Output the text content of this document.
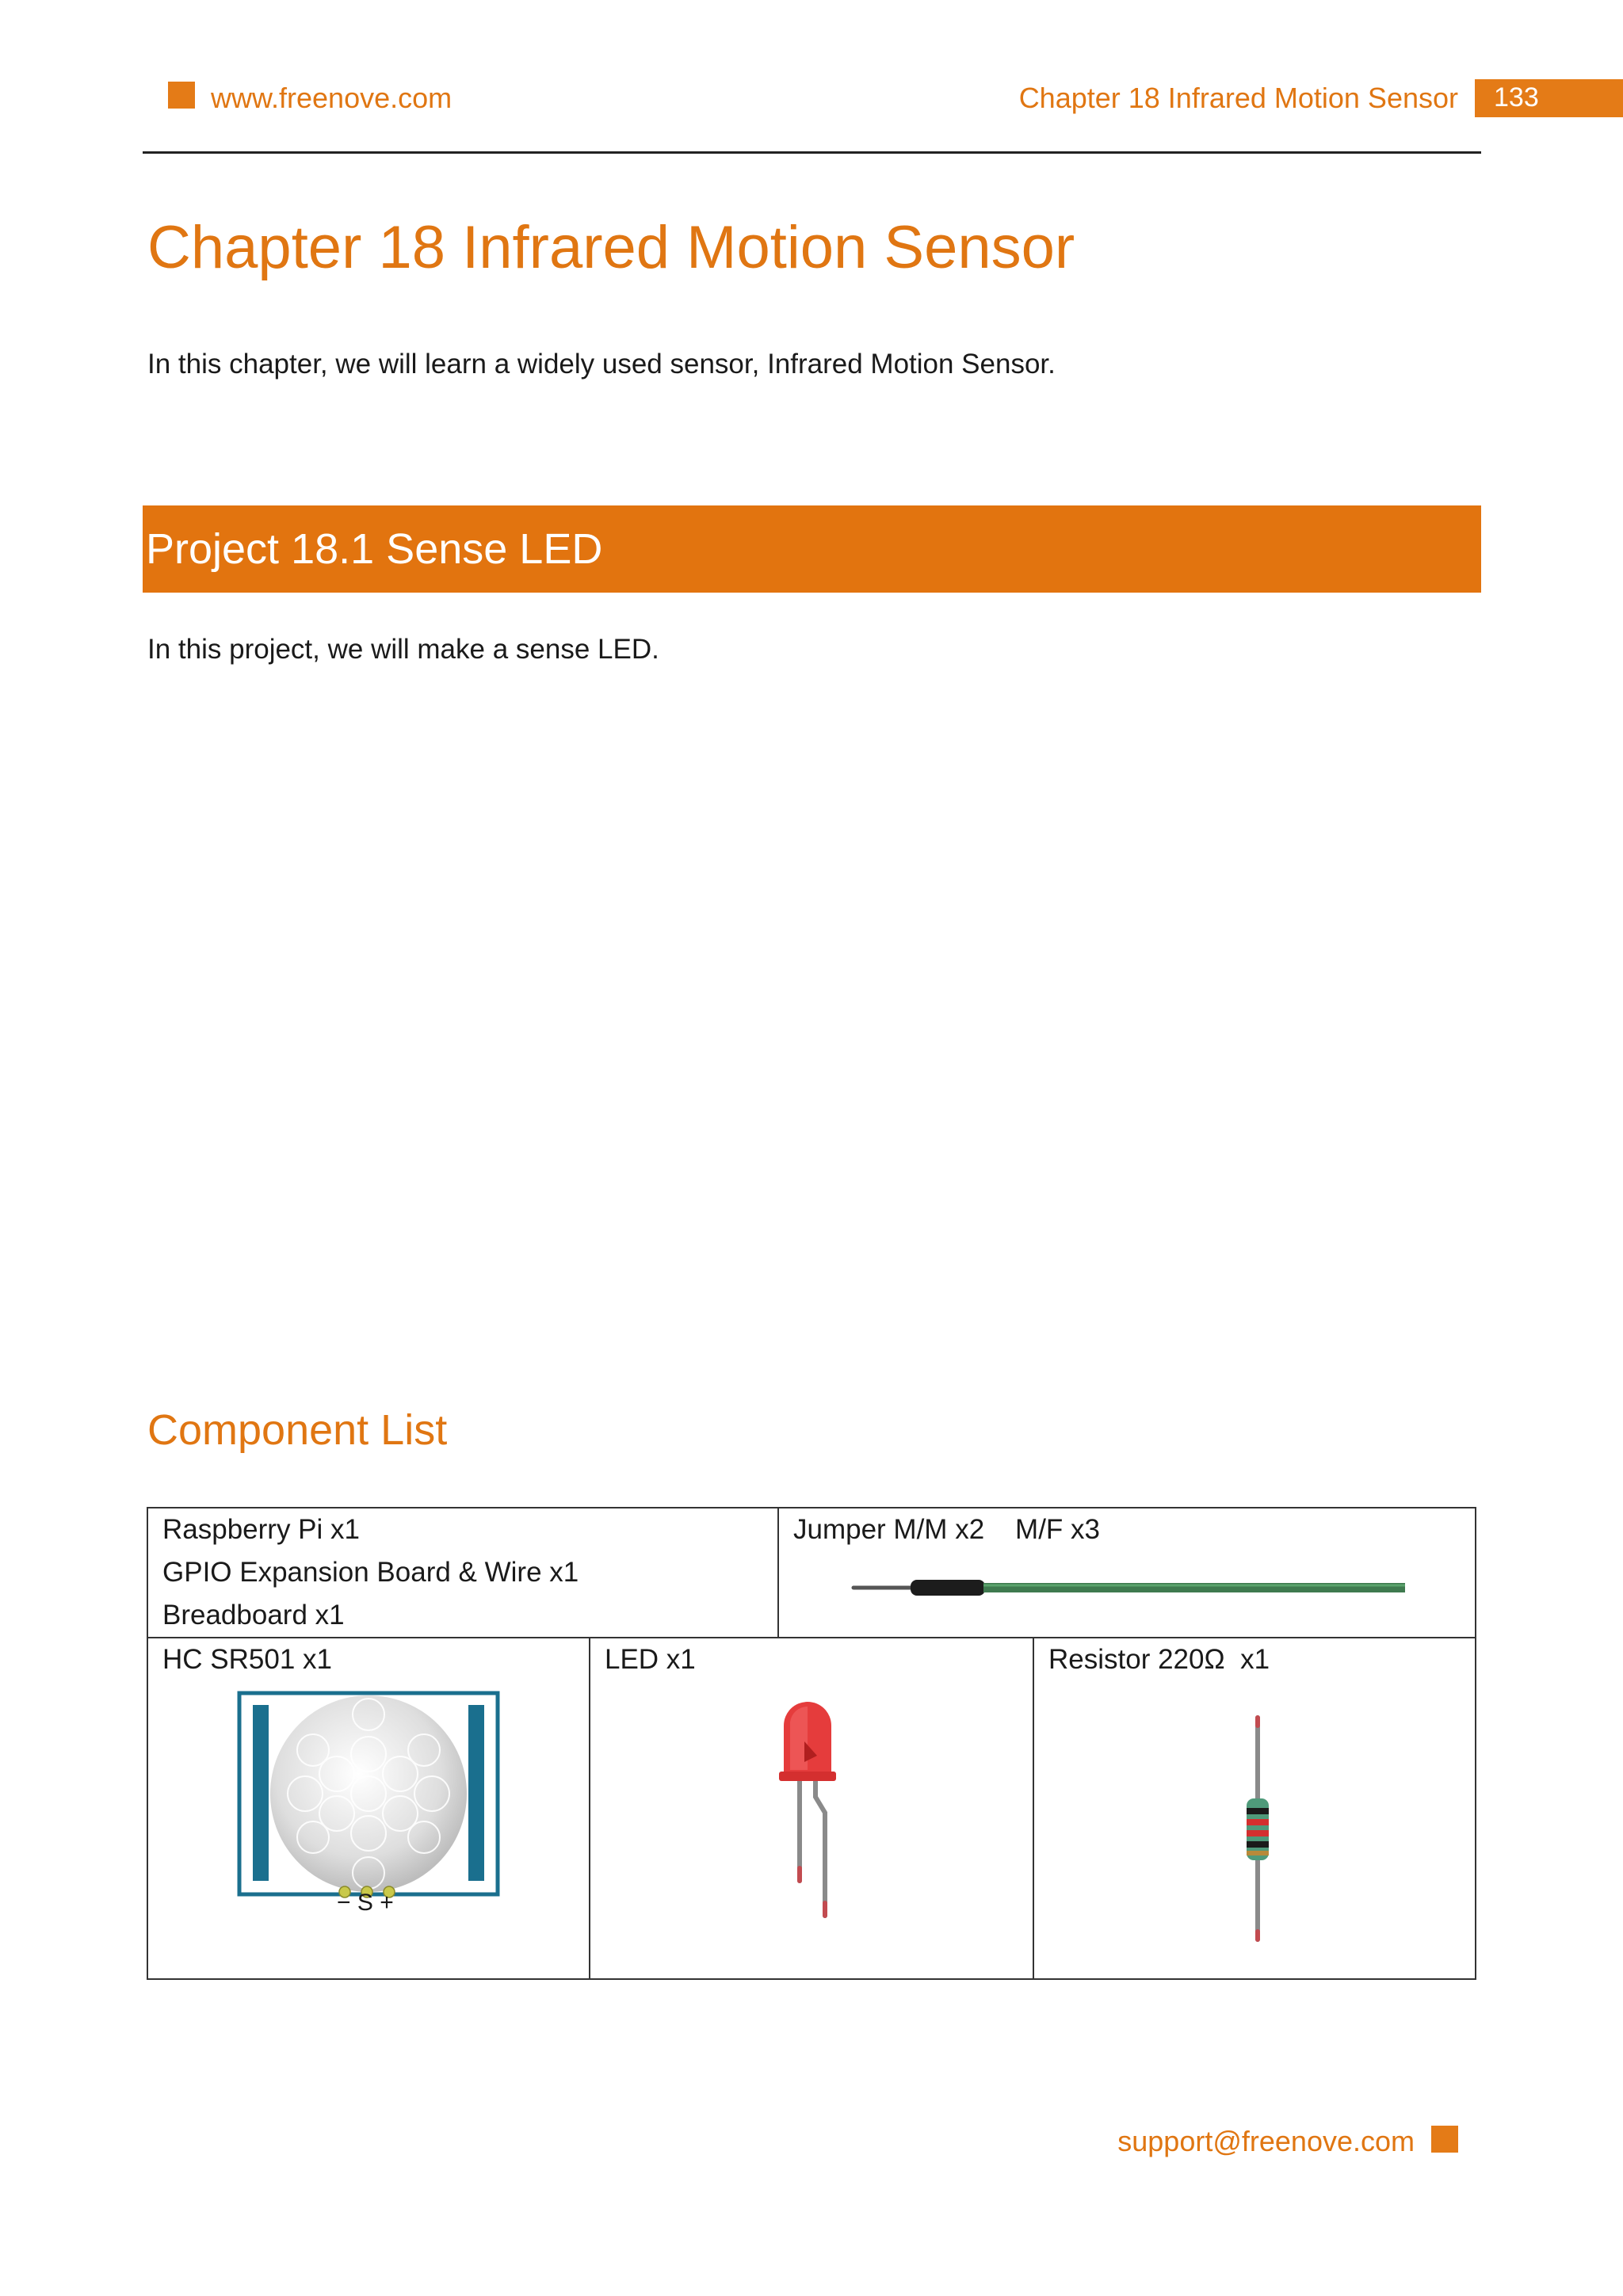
www.freenove.com	Chapter 18 Infrared Motion Sensor 133
Chapter 18 Infrared Motion Sensor
In this chapter, we will learn a widely used sensor, Infrared Motion Sensor.
Project 18.1 Sense LED
In this project, we will make a sense LED.
Component List
Raspberry Pi x1
GPIO Expansion Board & Wire x1
Breadboard x1
Jumper M/M x2    M/F x3
HC SR501 x1
− S +
LED x1	Resistor 220Ω  x1
support@freenove.com
